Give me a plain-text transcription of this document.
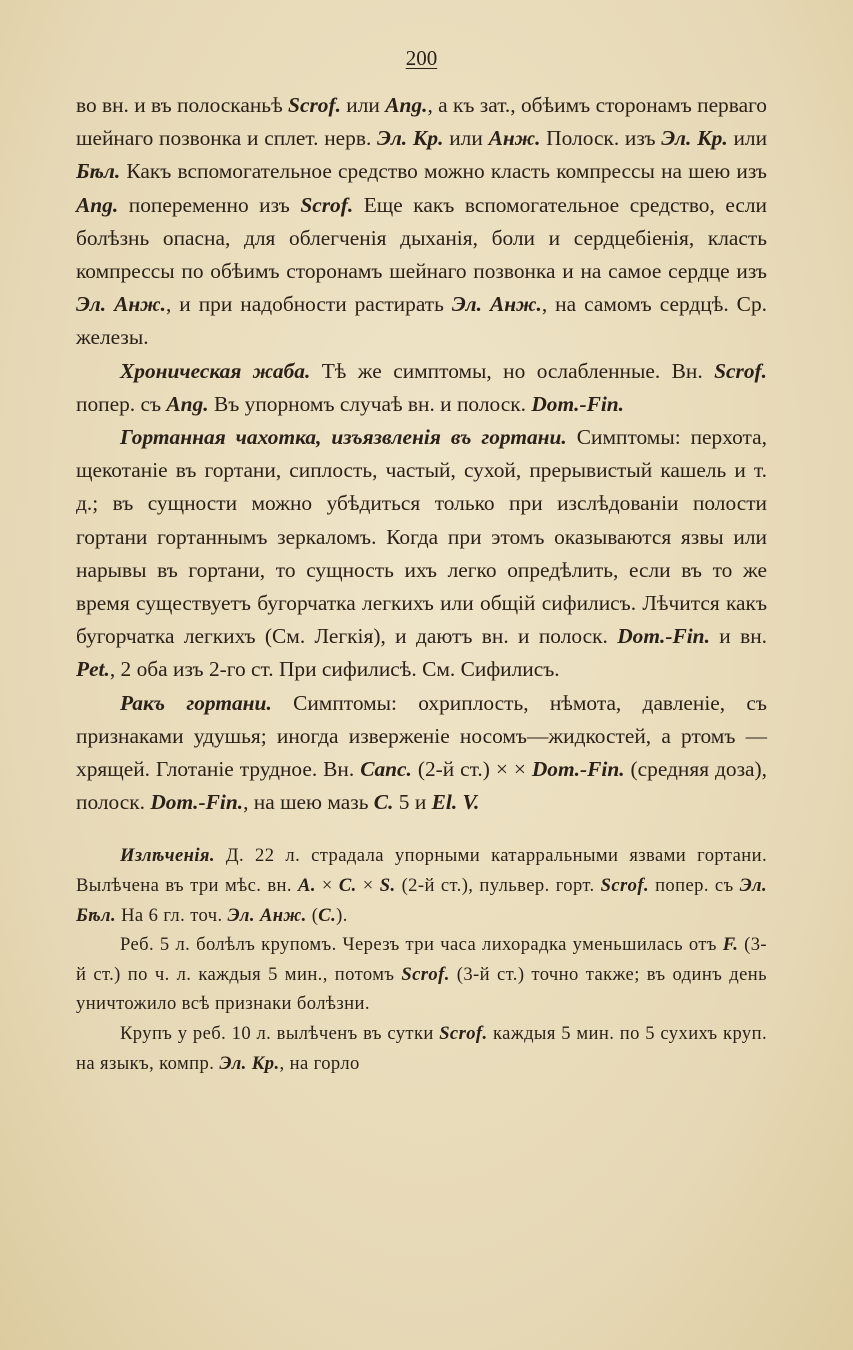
200

во вн. и въ полосканьѣ Scrof. или Ang., а къ зат., обѣимъ сторонамъ перваго шейнаго позвонка и сплет. нерв. Эл. Кр. или Анж. Полоск. изъ Эл. Кр. или Бѣл. Какъ вспомогательное средство можно класть компрессы на шею изъ Ang. попеременно изъ Scrof. Еще какъ вспомогательное средство, если болѣзнь опасна, для облегченія дыханія, боли и сердцебіенія, класть компрессы по обѣимъ сторонамъ шейнаго позвонка и на самое сердце изъ Эл. Анж., и при надобности растирать Эл. Анж., на самомъ сердцѣ. Ср. железы.

Хроническая жаба. Тѣ же симптомы, но ослабленные. Вн. Scrof. попер. съ Ang. Въ упорномъ случаѣ вн. и полоск. Dom.-Fin.

Гортанная чахотка, изъязвленія въ гортани. Симптомы: перхота, щекотаніе въ гортани, сиплость, частый, сухой, прерывистый кашель и т. д.; въ сущности можно убѣдиться только при изслѣдованіи полости гортани гортаннымъ зеркаломъ. Когда при этомъ оказываются язвы или нарывы въ гортани, то сущность ихъ легко опредѣлить, если въ то же время существуетъ бугорчатка легкихъ или общій сифилисъ. Лѣчится какъ бугорчатка легкихъ (См. Легкія), и даютъ вн. и полоск. Dom.-Fin. и вн. Pet., 2 оба изъ 2-го ст. При сифилисѣ. См. Сифилисъ.

Ракъ гортани. Симптомы: охриплость, нѣмота, давленіе, съ признаками удушья; иногда изверженіе носомъ—жидкостей, а ртомъ — хрящей. Глотаніе трудное. Вн. Canc. (2-й ст.) × × Dom.-Fin. (средняя доза), полоск. Dom.-Fin., на шею мазь C. 5 и El. V.

Излѣченія. Д. 22 л. страдала упорными катарральными язвами гортани. Вылѣчена въ три мѣс. вн. A. × C. × S. (2-й ст.), пульвер. горт. Scrof. попер. съ Эл. Бѣл. На 6 гл. точ. Эл. Анж. (C.).

Реб. 5 л. болѣлъ крупомъ. Черезъ три часа лихорадка уменьшилась отъ F. (3-й ст.) по ч. л. каждыя 5 мин., потомъ Scrof. (3-й ст.) точно также; въ одинъ день уничтожило всѣ признаки болѣзни.

Крупъ у реб. 10 л. вылѣченъ въ сутки Scrof. каждыя 5 мин. по 5 сухихъ круп. на языкъ, компр. Эл. Кр., на горло
